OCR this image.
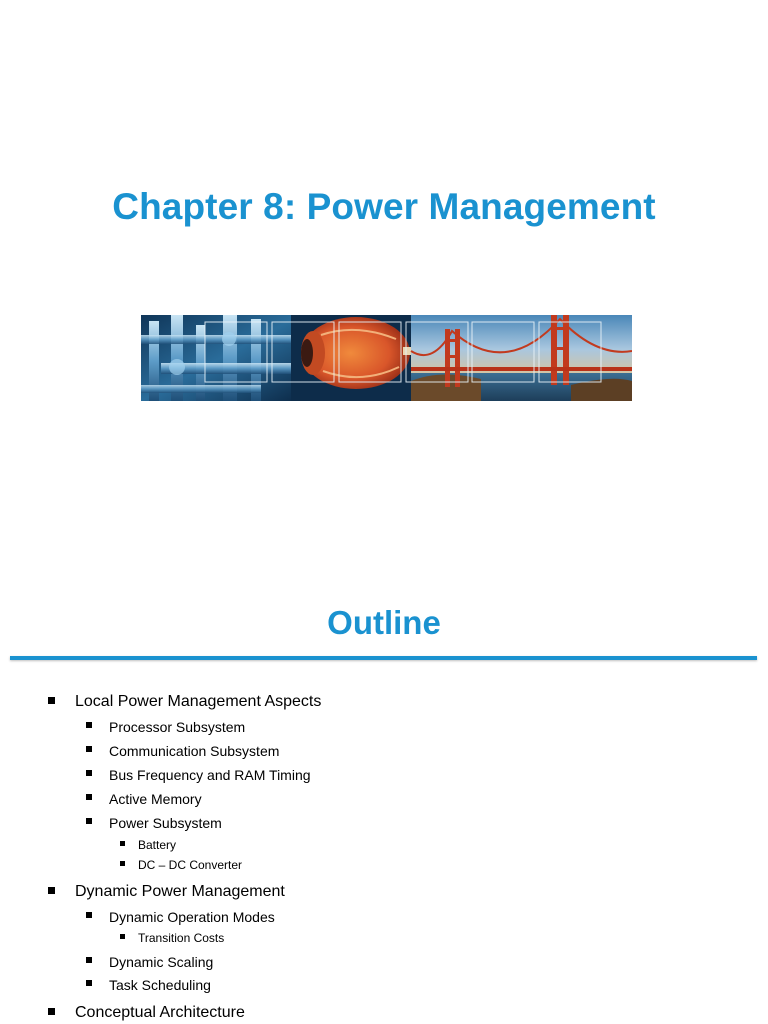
Chapter 8: Power Management
Outline
Local Power Management Aspects
Processor Subsystem
Communication Subsystem
Bus Frequency and RAM Timing
Active Memory
Power Subsystem
Battery
DC – DC Converter
Dynamic Power Management
Dynamic Operation Modes
Transition Costs
Dynamic Scaling
Task Scheduling
Conceptual Architecture
